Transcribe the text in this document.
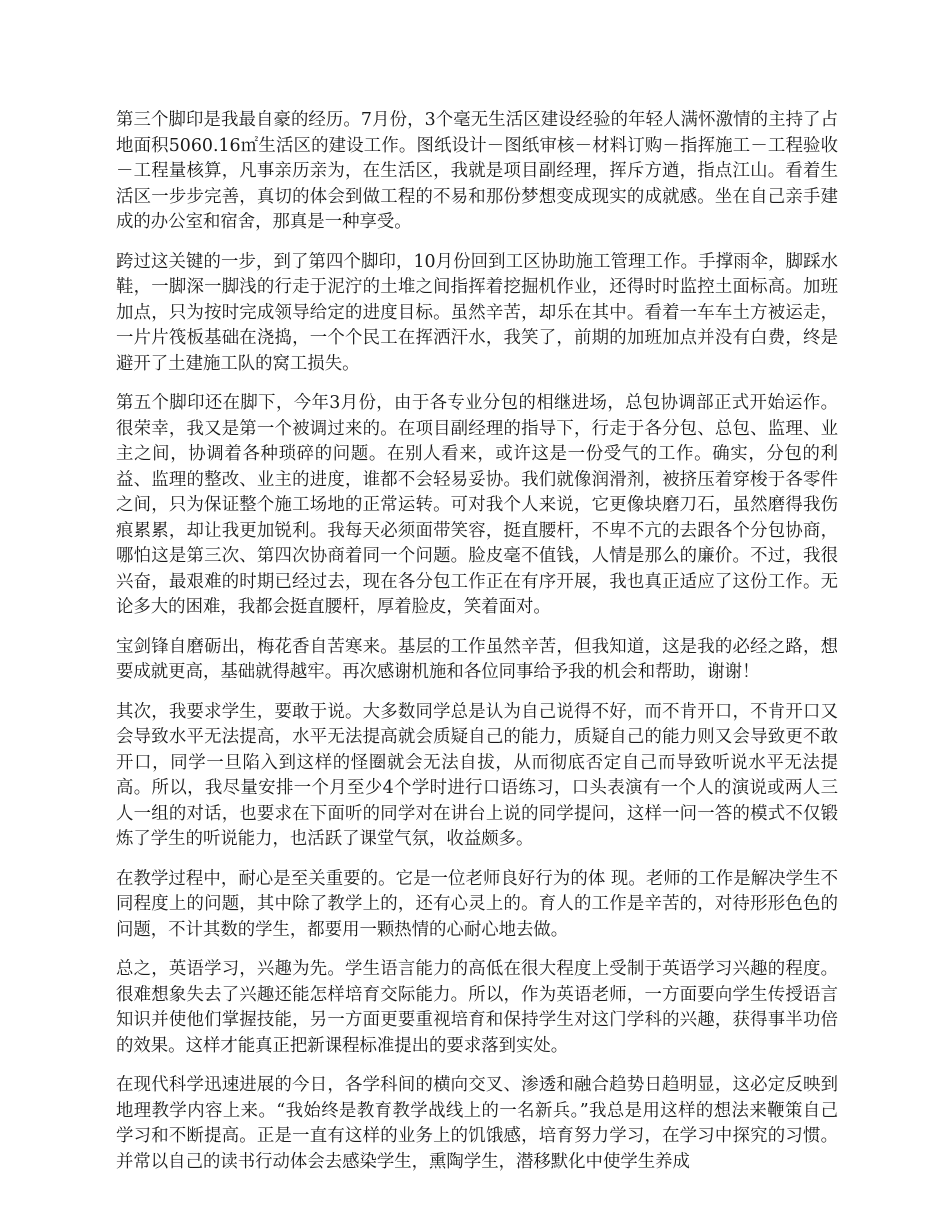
第三个脚印是我最自豪的经历。7月份，3个毫无生活区建设经验的年轻人满怀激情的主持了占地面积5060.16㎡生活区的建设工作。图纸设计－图纸审核－材料订购－指挥施工－工程验收－工程量核算，凡事亲历亲为，在生活区，我就是项目副经理，挥斥方遒，指点江山。看着生活区一步步完善，真切的体会到做工程的不易和那份梦想变成现实的成就感。坐在自己亲手建成的办公室和宿舍，那真是一种享受。

跨过这关键的一步，到了第四个脚印，10月份回到工区协助施工管理工作。手撑雨伞，脚踩水鞋，一脚深一脚浅的行走于泥泞的土堆之间指挥着挖掘机作业，还得时时监控土面标高。加班加点，只为按时完成领导给定的进度目标。虽然辛苦，却乐在其中。看着一车车土方被运走，一片片筏板基础在浇捣，一个个民工在挥洒汗水，我笑了，前期的加班加点并没有白费，终是避开了土建施工队的窝工损失。

第五个脚印还在脚下，今年3月份，由于各专业分包的相继进场，总包协调部正式开始运作。很荣幸，我又是第一个被调过来的。在项目副经理的指导下，行走于各分包、总包、监理、业主之间，协调着各种琐碎的问题。在别人看来，或许这是一份受气的工作。确实，分包的利益、监理的整改、业主的进度，谁都不会轻易妥协。我们就像润滑剂，被挤压着穿梭于各零件之间，只为保证整个施工场地的正常运转。可对我个人来说，它更像块磨刀石，虽然磨得我伤痕累累，却让我更加锐利。我每天必须面带笑容，挺直腰杆，不卑不亢的去跟各个分包协商，哪怕这是第三次、第四次协商着同一个问题。脸皮毫不值钱，人情是那么的廉价。不过，我很兴奋，最艰难的时期已经过去，现在各分包工作正在有序开展，我也真正适应了这份工作。无论多大的困难，我都会挺直腰杆，厚着脸皮，笑着面对。

宝剑锋自磨砺出，梅花香自苦寒来。基层的工作虽然辛苦，但我知道，这是我的必经之路，想要成就更高，基础就得越牢。再次感谢机施和各位同事给予我的机会和帮助，谢谢！

其次，我要求学生，要敢于说。大多数同学总是认为自己说得不好，而不肯开口，不肯开口又会导致水平无法提高，水平无法提高就会质疑自己的能力，质疑自己的能力则又会导致更不敢开口，同学一旦陷入到这样的怪圈就会无法自拔，从而彻底否定自己而导致听说水平无法提高。所以，我尽量安排一个月至少4个学时进行口语练习，口头表演有一个人的演说或两人三人一组的对话，也要求在下面听的同学对在讲台上说的同学提问，这样一问一答的模式不仅锻炼了学生的听说能力，也活跃了课堂气氛，收益颇多。

在教学过程中，耐心是至关重要的。它是一位老师良好行为的体 现。老师的工作是解决学生不同程度上的问题，其中除了教学上的，还有心灵上的。育人的工作是辛苦的，对待形形色色的问题，不计其数的学生，都要用一颗热情的心耐心地去做。

总之，英语学习，兴趣为先。学生语言能力的高低在很大程度上受制于英语学习兴趣的程度。很难想象失去了兴趣还能怎样培育交际能力。所以，作为英语老师，一方面要向学生传授语言知识并使他们掌握技能，另一方面更要重视培育和保持学生对这门学科的兴趣，获得事半功倍的效果。这样才能真正把新课程标准提出的要求落到实处。

在现代科学迅速进展的今日，各学科间的横向交叉、渗透和融合趋势日趋明显，这必定反映到地理教学内容上来。“我始终是教育教学战线上的一名新兵。”我总是用这样的想法来鞭策自己学习和不断提高。正是一直有这样的业务上的饥饿感，培育努力学习，在学习中探究的习惯。并常以自己的读书行动体会去感染学生，熏陶学生，潜移默化中使学生养成
